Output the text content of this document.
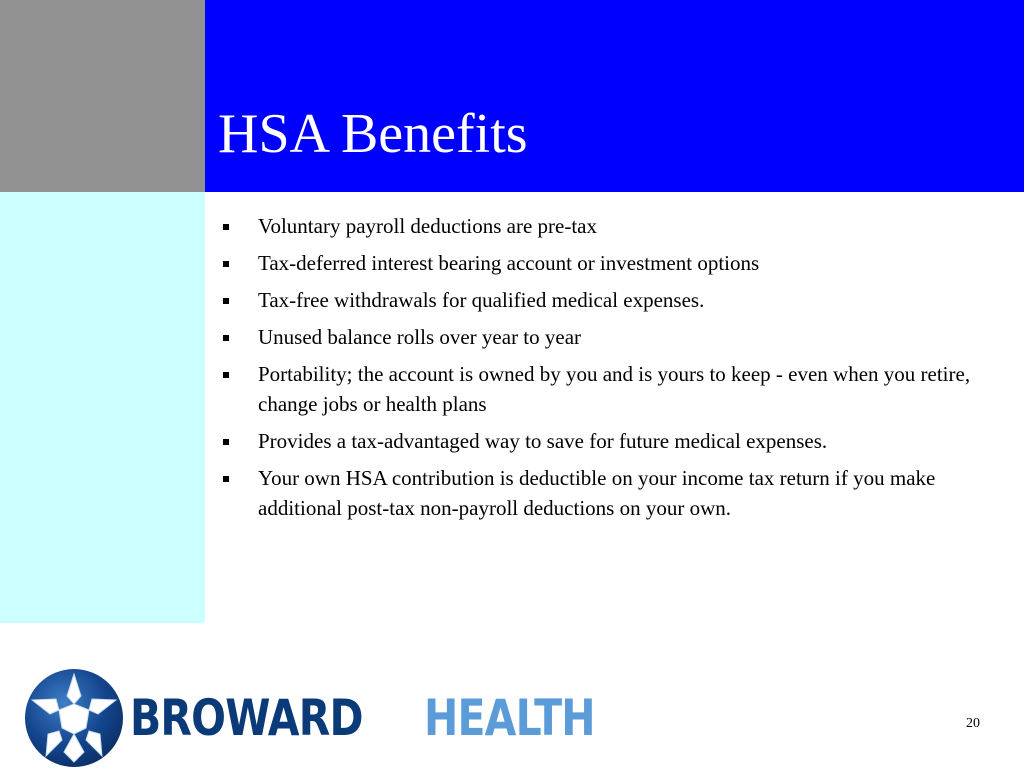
HSA Benefits
Voluntary payroll deductions are pre-tax
Tax-deferred interest bearing account or investment options
Tax-free withdrawals for qualified medical expenses.
Unused balance rolls over year to year
Portability; the account is owned by you and is yours to keep - even when you retire, change jobs or health plans
Provides a tax-advantaged way to save for future medical expenses.
Your own HSA contribution is deductible on your income tax return if you make additional post-tax non-payroll deductions on your own.
BROWARD HEALTH	20
